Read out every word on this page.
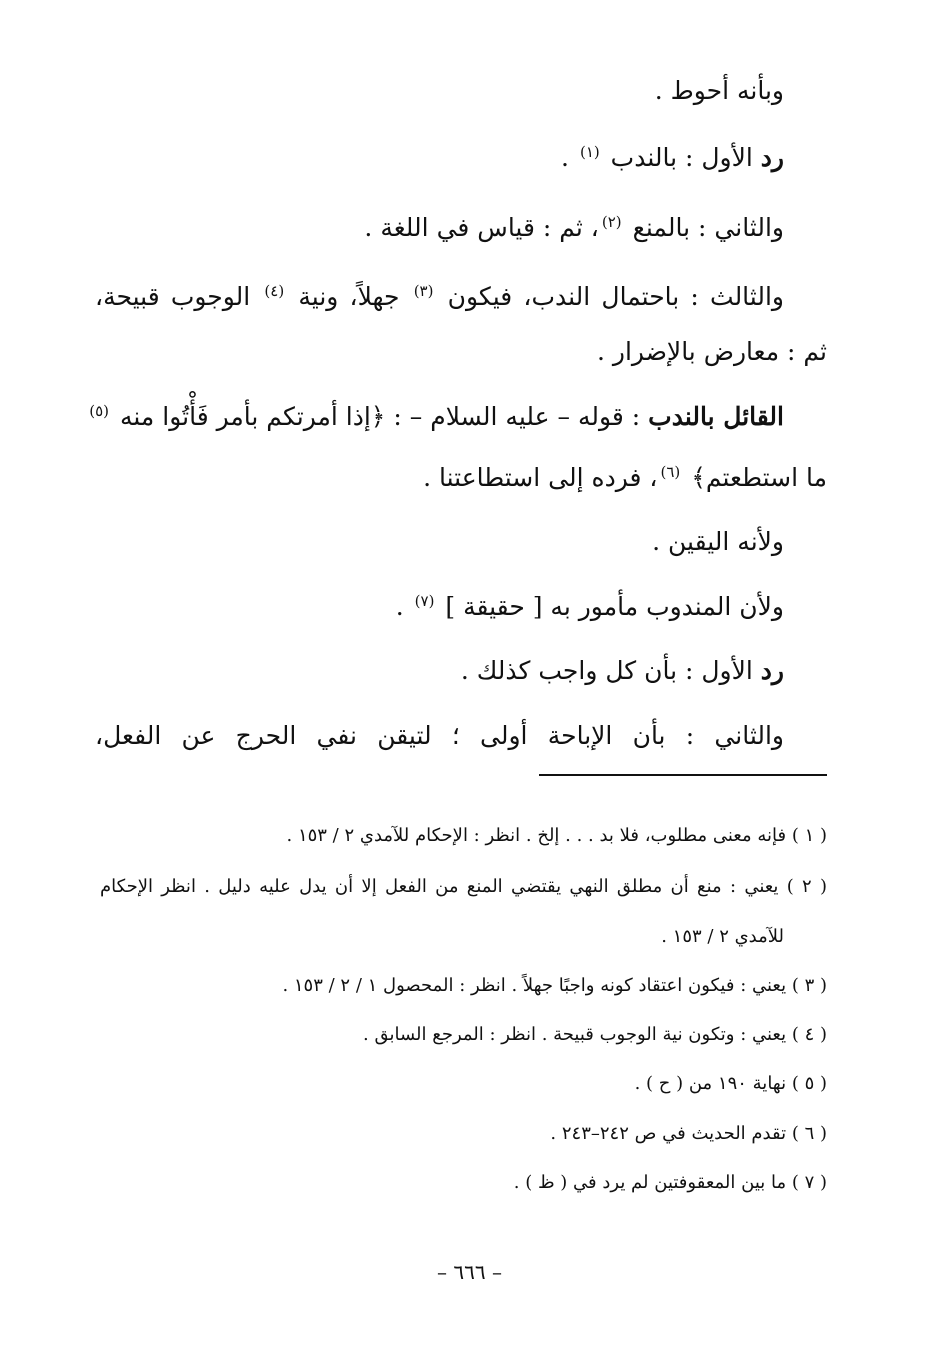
وبأنه أحوط .
رد الأول : بالندب $^{(١)}$ .
والثاني : بالمنع $^{(٢)}$، ثم : قياس في اللغة .
والثالث : باحتمال الندب، فيكون $^{(٣)}$ جهلاً، ونية $^{(٤)}$ الوجوب قبيحة،
ثم : معارض بالإضرار .
القائل بالندب : قوله – عليه السلام – : ﴿إذا أمرتكم بأمر فَأْتُوا منه $^{(٥)}$
ما استطعتم﴾ $^{(٦)}$، فرده إلى استطاعتنا .
ولأنه اليقين .
ولأن المندوب مأمور به [ حقيقة ] $^{(٧)}$ .
رد الأول : بأن كل واجب كذلك .
والثاني : بأن الإباحة أولى ؛ لتيقن نفي الحرج عن الفعل،
( ١ ) فإنه معنى مطلوب، فلا بد . . . إلخ . انظر : الإحكام للآمدي ٢ / ١٥٣ .
( ٢ ) يعني : منع أن مطلق النهي يقتضي المنع من الفعل إلا أن يدل عليه دليل . انظر الإحكام
للآمدي ٢ / ١٥٣ .
( ٣ ) يعني : فيكون اعتقاد كونه واجبًا جهلاً . انظر : المحصول ١ / ٢ / ١٥٣ .
( ٤ ) يعني : وتكون نية الوجوب قبيحة . انظر : المرجع السابق .
( ٥ ) نهاية ١٩٠ من ( ح ) .
( ٦ ) تقدم الحديث في ص ٢٤٢–٢٤٣ .
( ٧ ) ما بين المعقوفتين لم يرد في ( ظ ) .
– ٦٦٦ –
